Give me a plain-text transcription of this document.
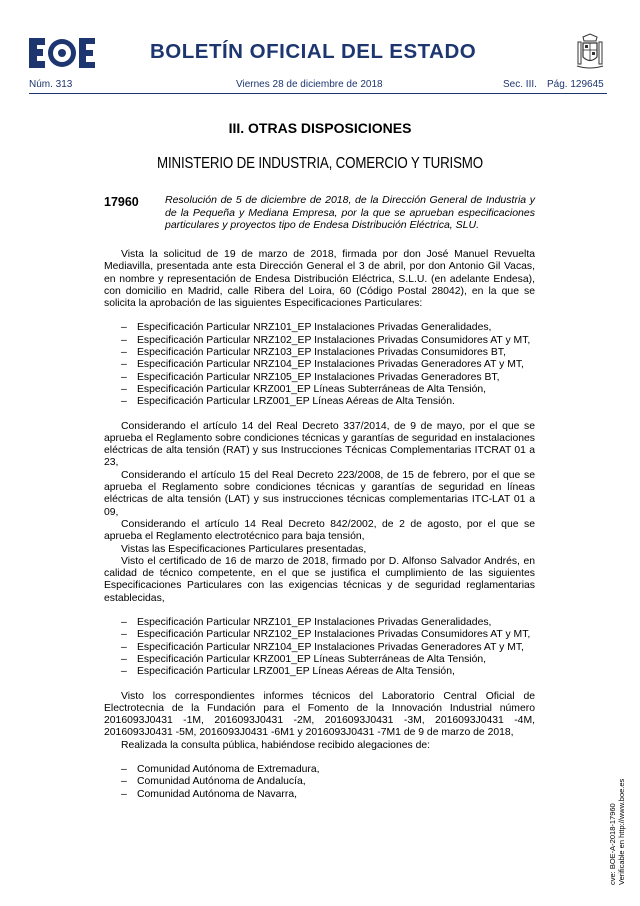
BOLETÍN OFICIAL DEL ESTADO
Núm. 313	Viernes 28 de diciembre de 2018	Sec. III. Pág. 129645
III. OTRAS DISPOSICIONES
MINISTERIO DE INDUSTRIA, COMERCIO Y TURISMO
17960 Resolución de 5 de diciembre de 2018, de la Dirección General de Industria y de la Pequeña y Mediana Empresa, por la que se aprueban especificaciones particulares y proyectos tipo de Endesa Distribución Eléctrica, SLU.

Vista la solicitud de 19 de marzo de 2018, firmada por don José Manuel Revuelta Mediavilla, presentada ante esta Dirección General el 3 de abril, por don Antonio Gil Vacas, en nombre y representación de Endesa Distribución Eléctrica, S.L.U. (en adelante Endesa), con domicilio en Madrid, calle Ribera del Loira, 60 (Código Postal 28042), en la que se solicita la aprobación de las siguientes Especificaciones Particulares:

– Especificación Particular NRZ101_EP Instalaciones Privadas Generalidades,
– Especificación Particular NRZ102_EP Instalaciones Privadas Consumidores AT y MT,
– Especificación Particular NRZ103_EP Instalaciones Privadas Consumidores BT,
– Especificación Particular NRZ104_EP Instalaciones Privadas Generadores AT y MT,
– Especificación Particular NRZ105_EP Instalaciones Privadas Generadores BT,
– Especificación Particular KRZ001_EP Líneas Subterráneas de Alta Tensión,
– Especificación Particular LRZ001_EP Líneas Aéreas de Alta Tensión.

Considerando el artículo 14 del Real Decreto 337/2014, de 9 de mayo, por el que se aprueba el Reglamento sobre condiciones técnicas y garantías de seguridad en instalaciones eléctricas de alta tensión (RAT) y sus Instrucciones Técnicas Complementarias ITCRAT 01 a 23,

Considerando el artículo 15 del Real Decreto 223/2008, de 15 de febrero, por el que se aprueba el Reglamento sobre condiciones técnicas y garantías de seguridad en líneas eléctricas de alta tensión (LAT) y sus instrucciones técnicas complementarias ITC-LAT 01 a 09,

Considerando el artículo 14 Real Decreto 842/2002, de 2 de agosto, por el que se aprueba el Reglamento electrotécnico para baja tensión,

Vistas las Especificaciones Particulares presentadas,

Visto el certificado de 16 de marzo de 2018, firmado por D. Alfonso Salvador Andrés, en calidad de técnico competente, en el que se justifica el cumplimiento de las siguientes Especificaciones Particulares con las exigencias técnicas y de seguridad reglamentarias establecidas,

– Especificación Particular NRZ101_EP Instalaciones Privadas Generalidades,
– Especificación Particular NRZ102_EP Instalaciones Privadas Consumidores AT y MT,
– Especificación Particular NRZ104_EP Instalaciones Privadas Generadores AT y MT,
– Especificación Particular KRZ001_EP Líneas Subterráneas de Alta Tensión,
– Especificación Particular LRZ001_EP Líneas Aéreas de Alta Tensión,

Visto los correspondientes informes técnicos del Laboratorio Central Oficial de Electrotecnia de la Fundación para el Fomento de la Innovación Industrial número 2016093J0431 -1M, 2016093J0431 -2M, 2016093J0431 -3M, 2016093J0431 -4M, 2016093J0431 -5M, 2016093J0431 -6M1 y 2016093J0431 -7M1 de 9 de marzo de 2018,

Realizada la consulta pública, habiéndose recibido alegaciones de:

– Comunidad Autónoma de Extremadura,
– Comunidad Autónoma de Andalucía,
– Comunidad Autónoma de Navarra,
cve: BOE-A-2018-17960 Verificable en http://www.boe.es
